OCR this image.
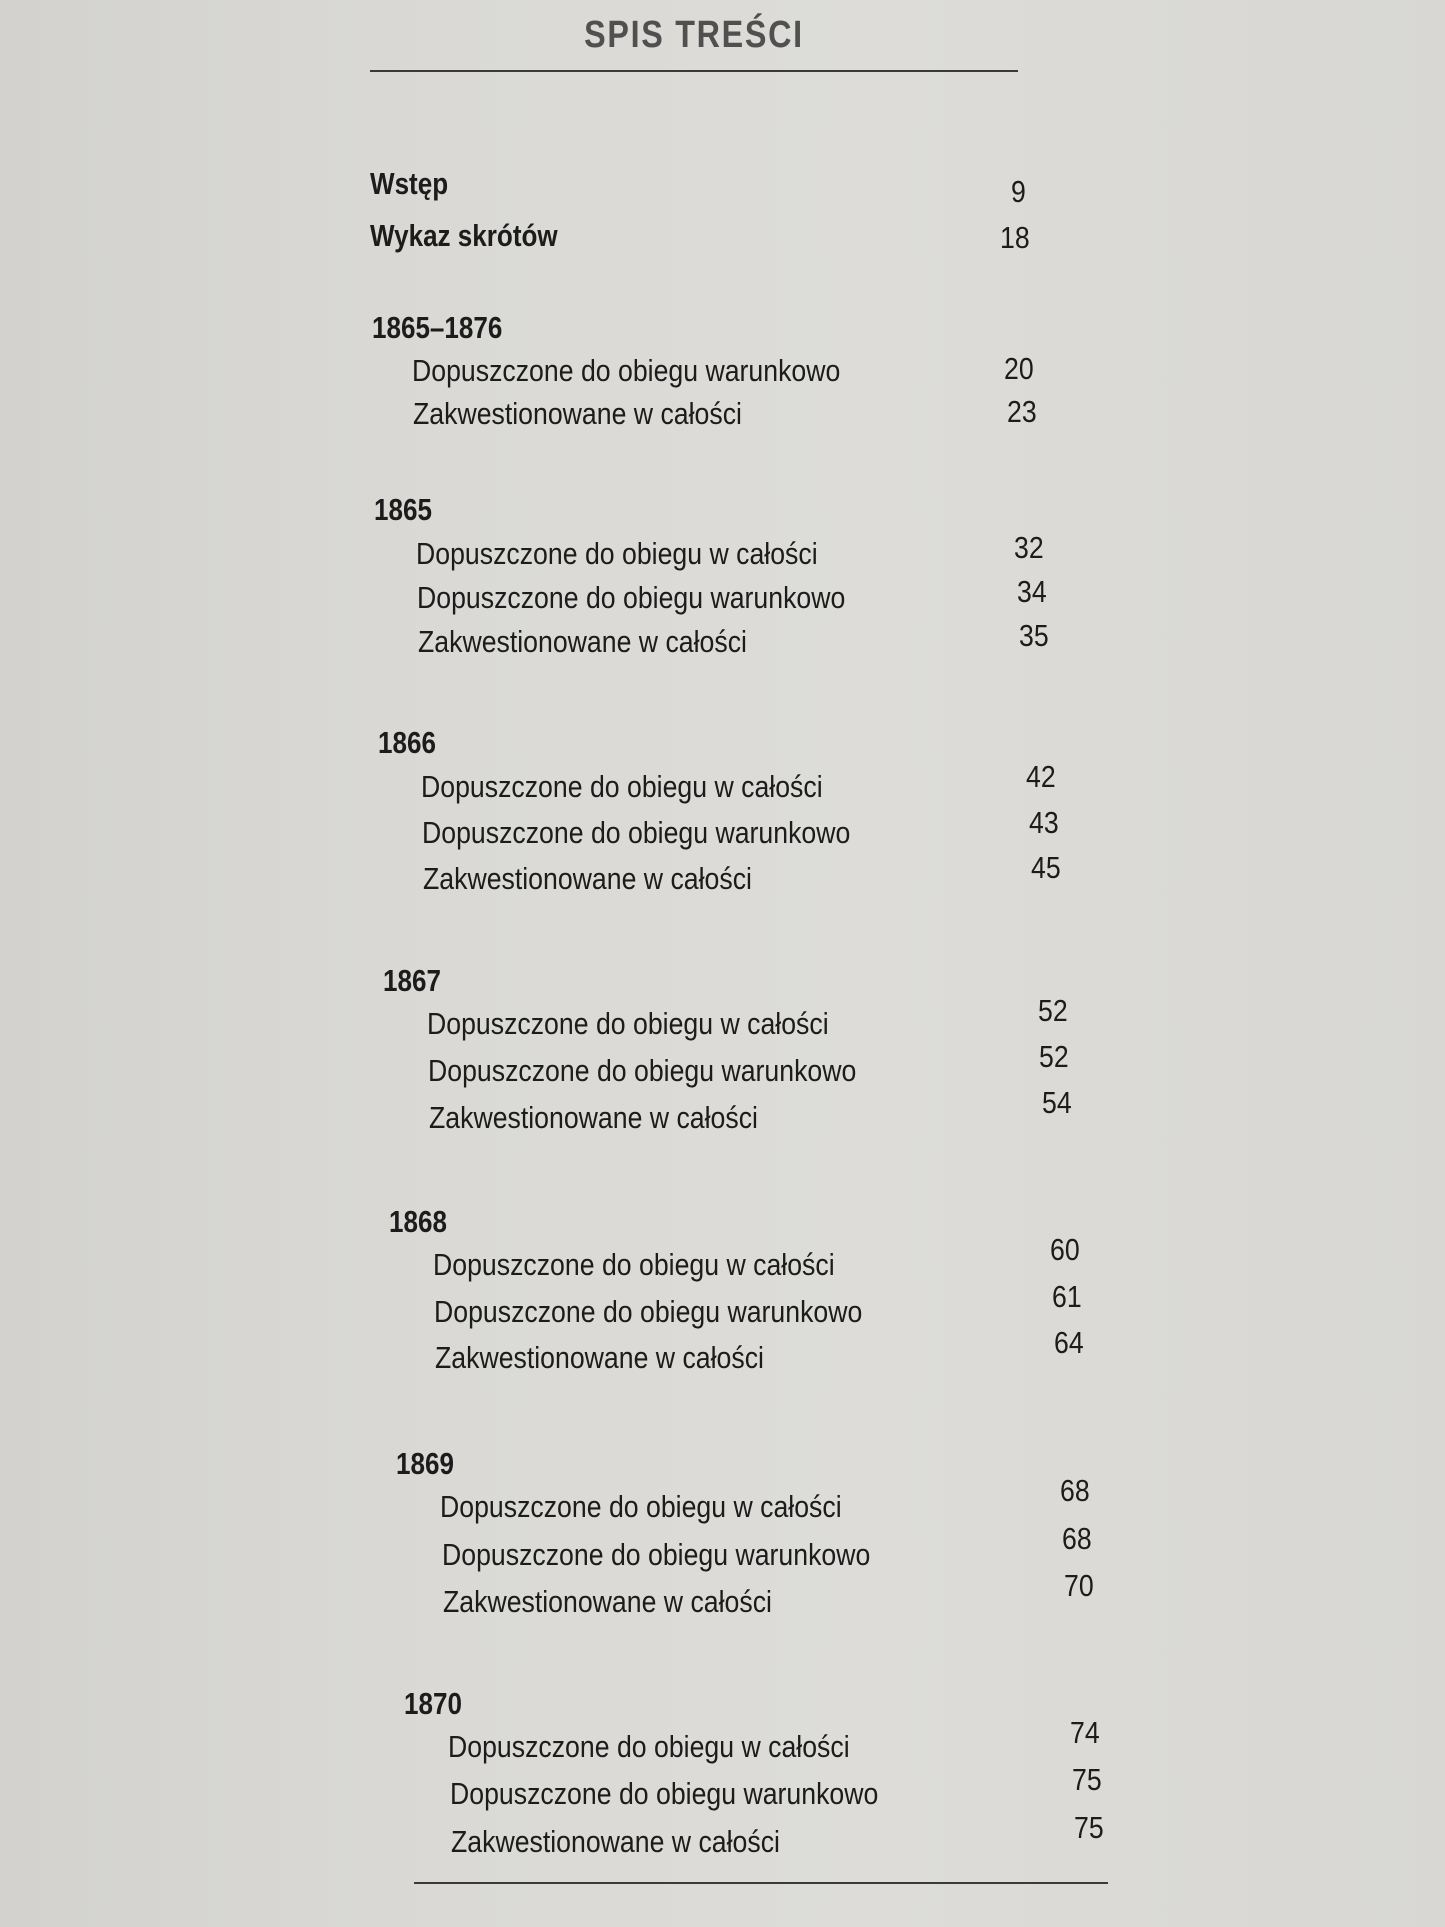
SPIS TREŚCI
Wstęp	9
Wykaz skrótów	18
1865–1876
Dopuszczone do obiegu warunkowo	20
Zakwestionowane w całości	23
1865
Dopuszczone do obiegu w całości	32
Dopuszczone do obiegu warunkowo	34
Zakwestionowane w całości	35
1866
Dopuszczone do obiegu w całości	42
Dopuszczone do obiegu warunkowo	43
Zakwestionowane w całości	45
1867
Dopuszczone do obiegu w całości	52
Dopuszczone do obiegu warunkowo	52
Zakwestionowane w całości	54
1868
Dopuszczone do obiegu w całości	60
Dopuszczone do obiegu warunkowo	61
Zakwestionowane w całości	64
1869
Dopuszczone do obiegu w całości	68
Dopuszczone do obiegu warunkowo	68
Zakwestionowane w całości	70
1870
Dopuszczone do obiegu w całości	74
Dopuszczone do obiegu warunkowo	75
Zakwestionowane w całości	75
